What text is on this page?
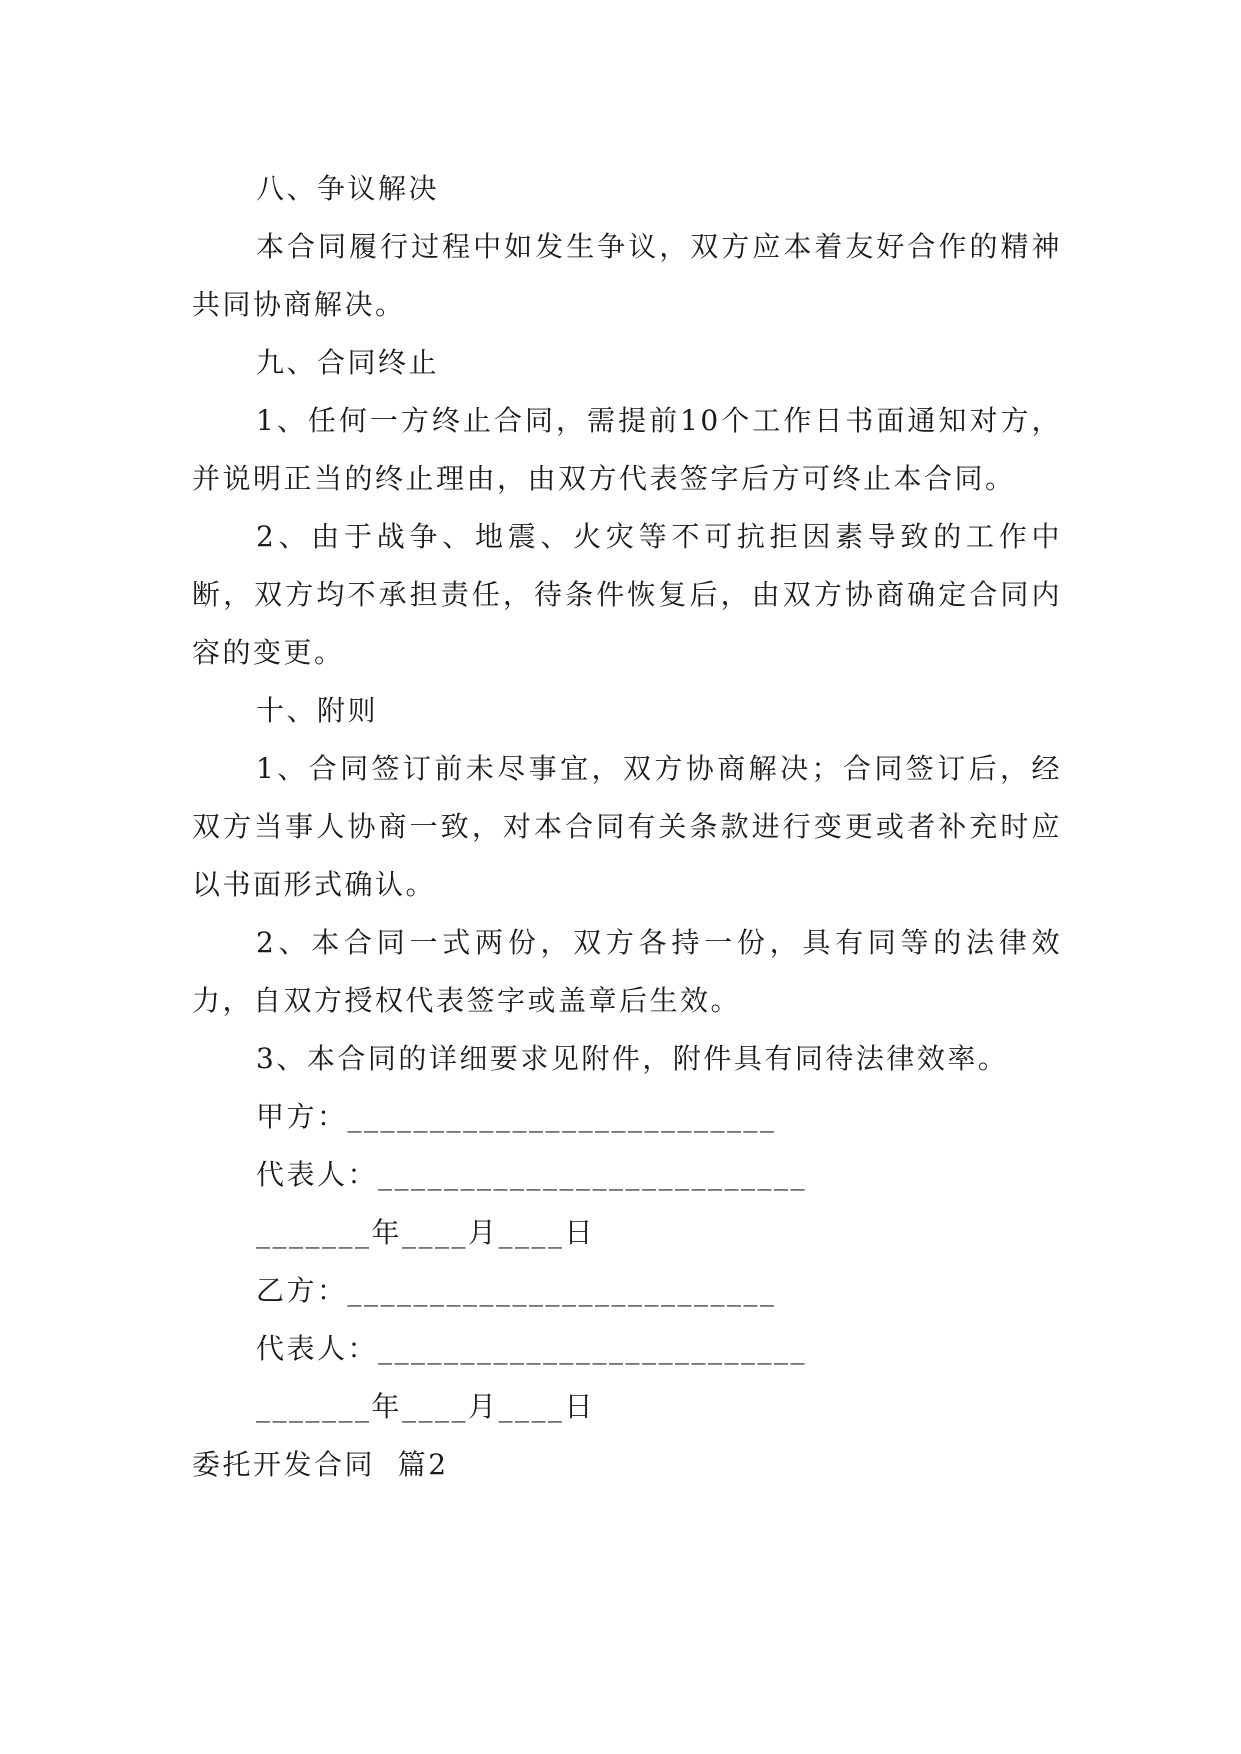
八、争议解决

本合同履行过程中如发生争议，双方应本着友好合作的精神共同协商解决。

九、合同终止

1、任何一方终止合同，需提前10个工作日书面通知对方，并说明正当的终止理由，由双方代表签字后方可终止本合同。

2、由于战争、地震、火灾等不可抗拒因素导致的工作中断，双方均不承担责任，待条件恢复后，由双方协商确定合同内容的变更。

十、附则

1、合同签订前未尽事宜，双方协商解决；合同签订后，经双方当事人协商一致，对本合同有关条款进行变更或者补充时应以书面形式确认。

2、本合同一式两份，双方各持一份，具有同等的法律效力，自双方授权代表签字或盖章后生效。

3、本合同的详细要求见附件，附件具有同待法律效率。

甲方：__________________________

代表人：__________________________

_______年____月____日

乙方：__________________________

代表人：__________________________

_______年____月____日

委托开发合同  篇2
